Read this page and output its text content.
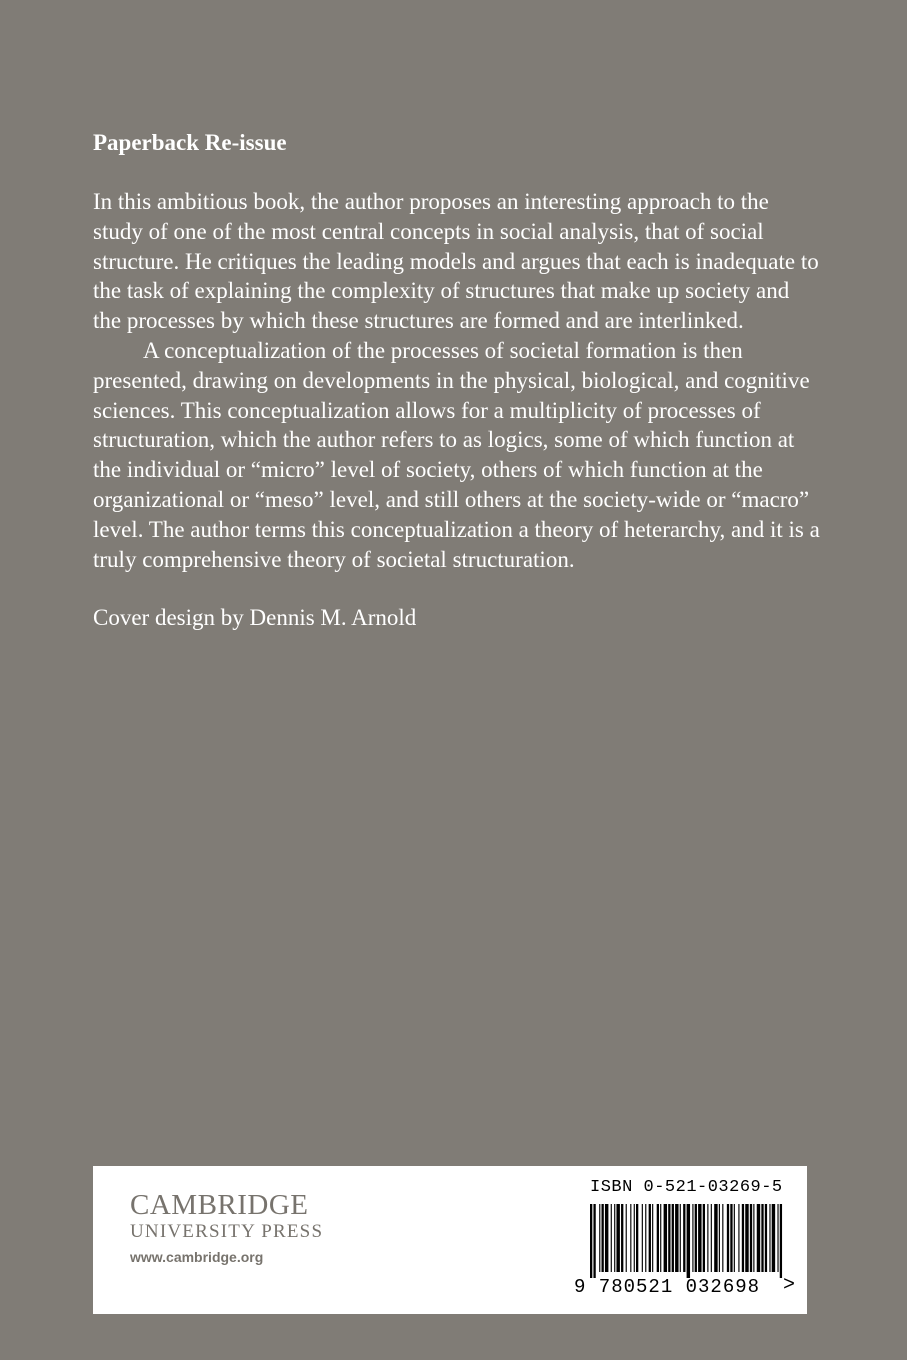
Paperback Re-issue

In this ambitious book, the author proposes an interesting approach to the study of one of the most central concepts in social analysis, that of social structure. He critiques the leading models and argues that each is inadequate to the task of explaining the complexity of structures that make up society and the processes by which these structures are formed and are interlinked.

A conceptualization of the processes of societal formation is then presented, drawing on developments in the physical, biological, and cognitive sciences. This conceptualization allows for a multiplicity of processes of structuration, which the author refers to as logics, some of which function at the individual or “micro” level of society, others of which function at the organizational or “meso” level, and still others at the society-wide or “macro” level. The author terms this conceptualization a theory of heterarchy, and it is a truly comprehensive theory of societal structuration.

Cover design by Dennis M. Arnold
CAMBRIDGE
UNIVERSITY PRESS
www.cambridge.org
ISBN 0-521-03269-5
9 780521 032698 >
